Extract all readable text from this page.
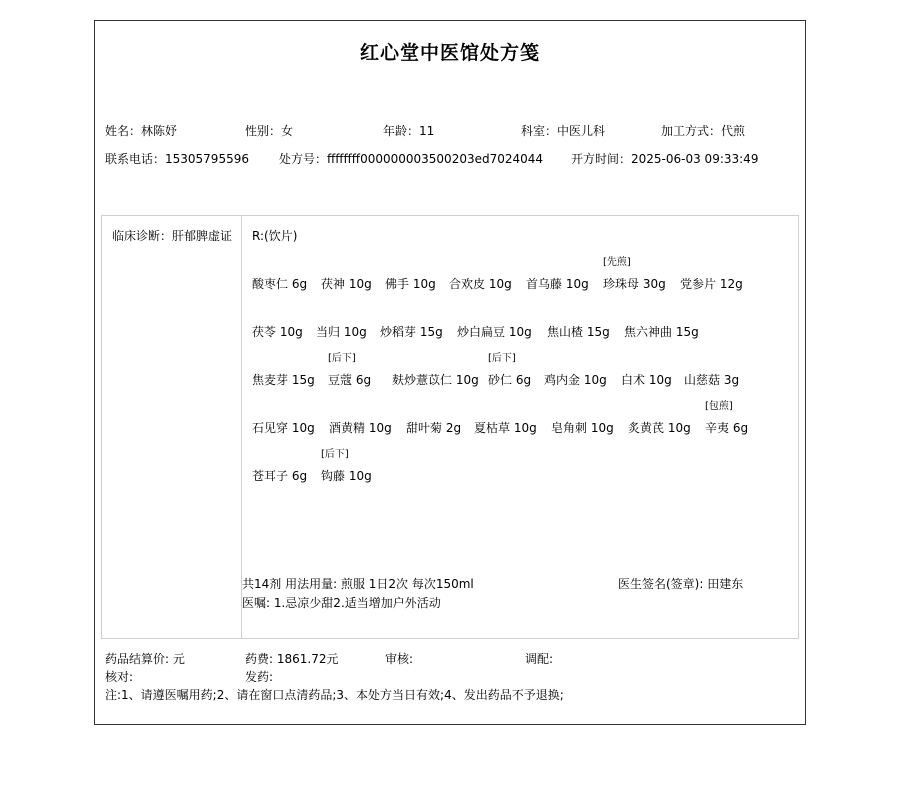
红心堂中医馆处方笺
姓名：林陈妤	性别：女	年龄：11	科室：中医儿科	加工方式：代煎
联系电话：15305795596	处方号：ffffffff000000003500203ed7024044 开方时间：2025-06-03 09:33:49
临床诊断：肝郁脾虚证	R:(饮片)
酸枣仁 6g 茯神 10g 佛手 10g 合欢皮 10g 首乌藤 10g 珍珠母 30g
[先煎]
党参片 12g
茯苓 10g 当归 10g 炒稻芽 15g 炒白扁豆 10g 焦山楂 15g 焦六神曲 15g
焦麦芽 15g 豆蔻 6g
[后下]
麸炒薏苡仁 10g 砂仁 6g
[后下]
鸡内金 10g 白术 10g 山慈菇 3g
石见穿 10g 酒黄精 10g 甜叶菊 2g 夏枯草 10g 皂角刺 10g 炙黄芪 10g 辛夷 6g
[包煎]
苍耳子 6g 钩藤 10g
[后下]
共14剂 用法用量: 煎服 1日2次 每次150ml	医生签名(签章): 田建东
医嘱: 1.忌凉少甜2.适当增加户外活动
药品结算价: 元	药费: 1861.72元	审核:	调配:
核对:	发药:
注:1、请遵医嘱用药;2、请在窗口点清药品;3、本处方当日有效;4、发出药品不予退换;
